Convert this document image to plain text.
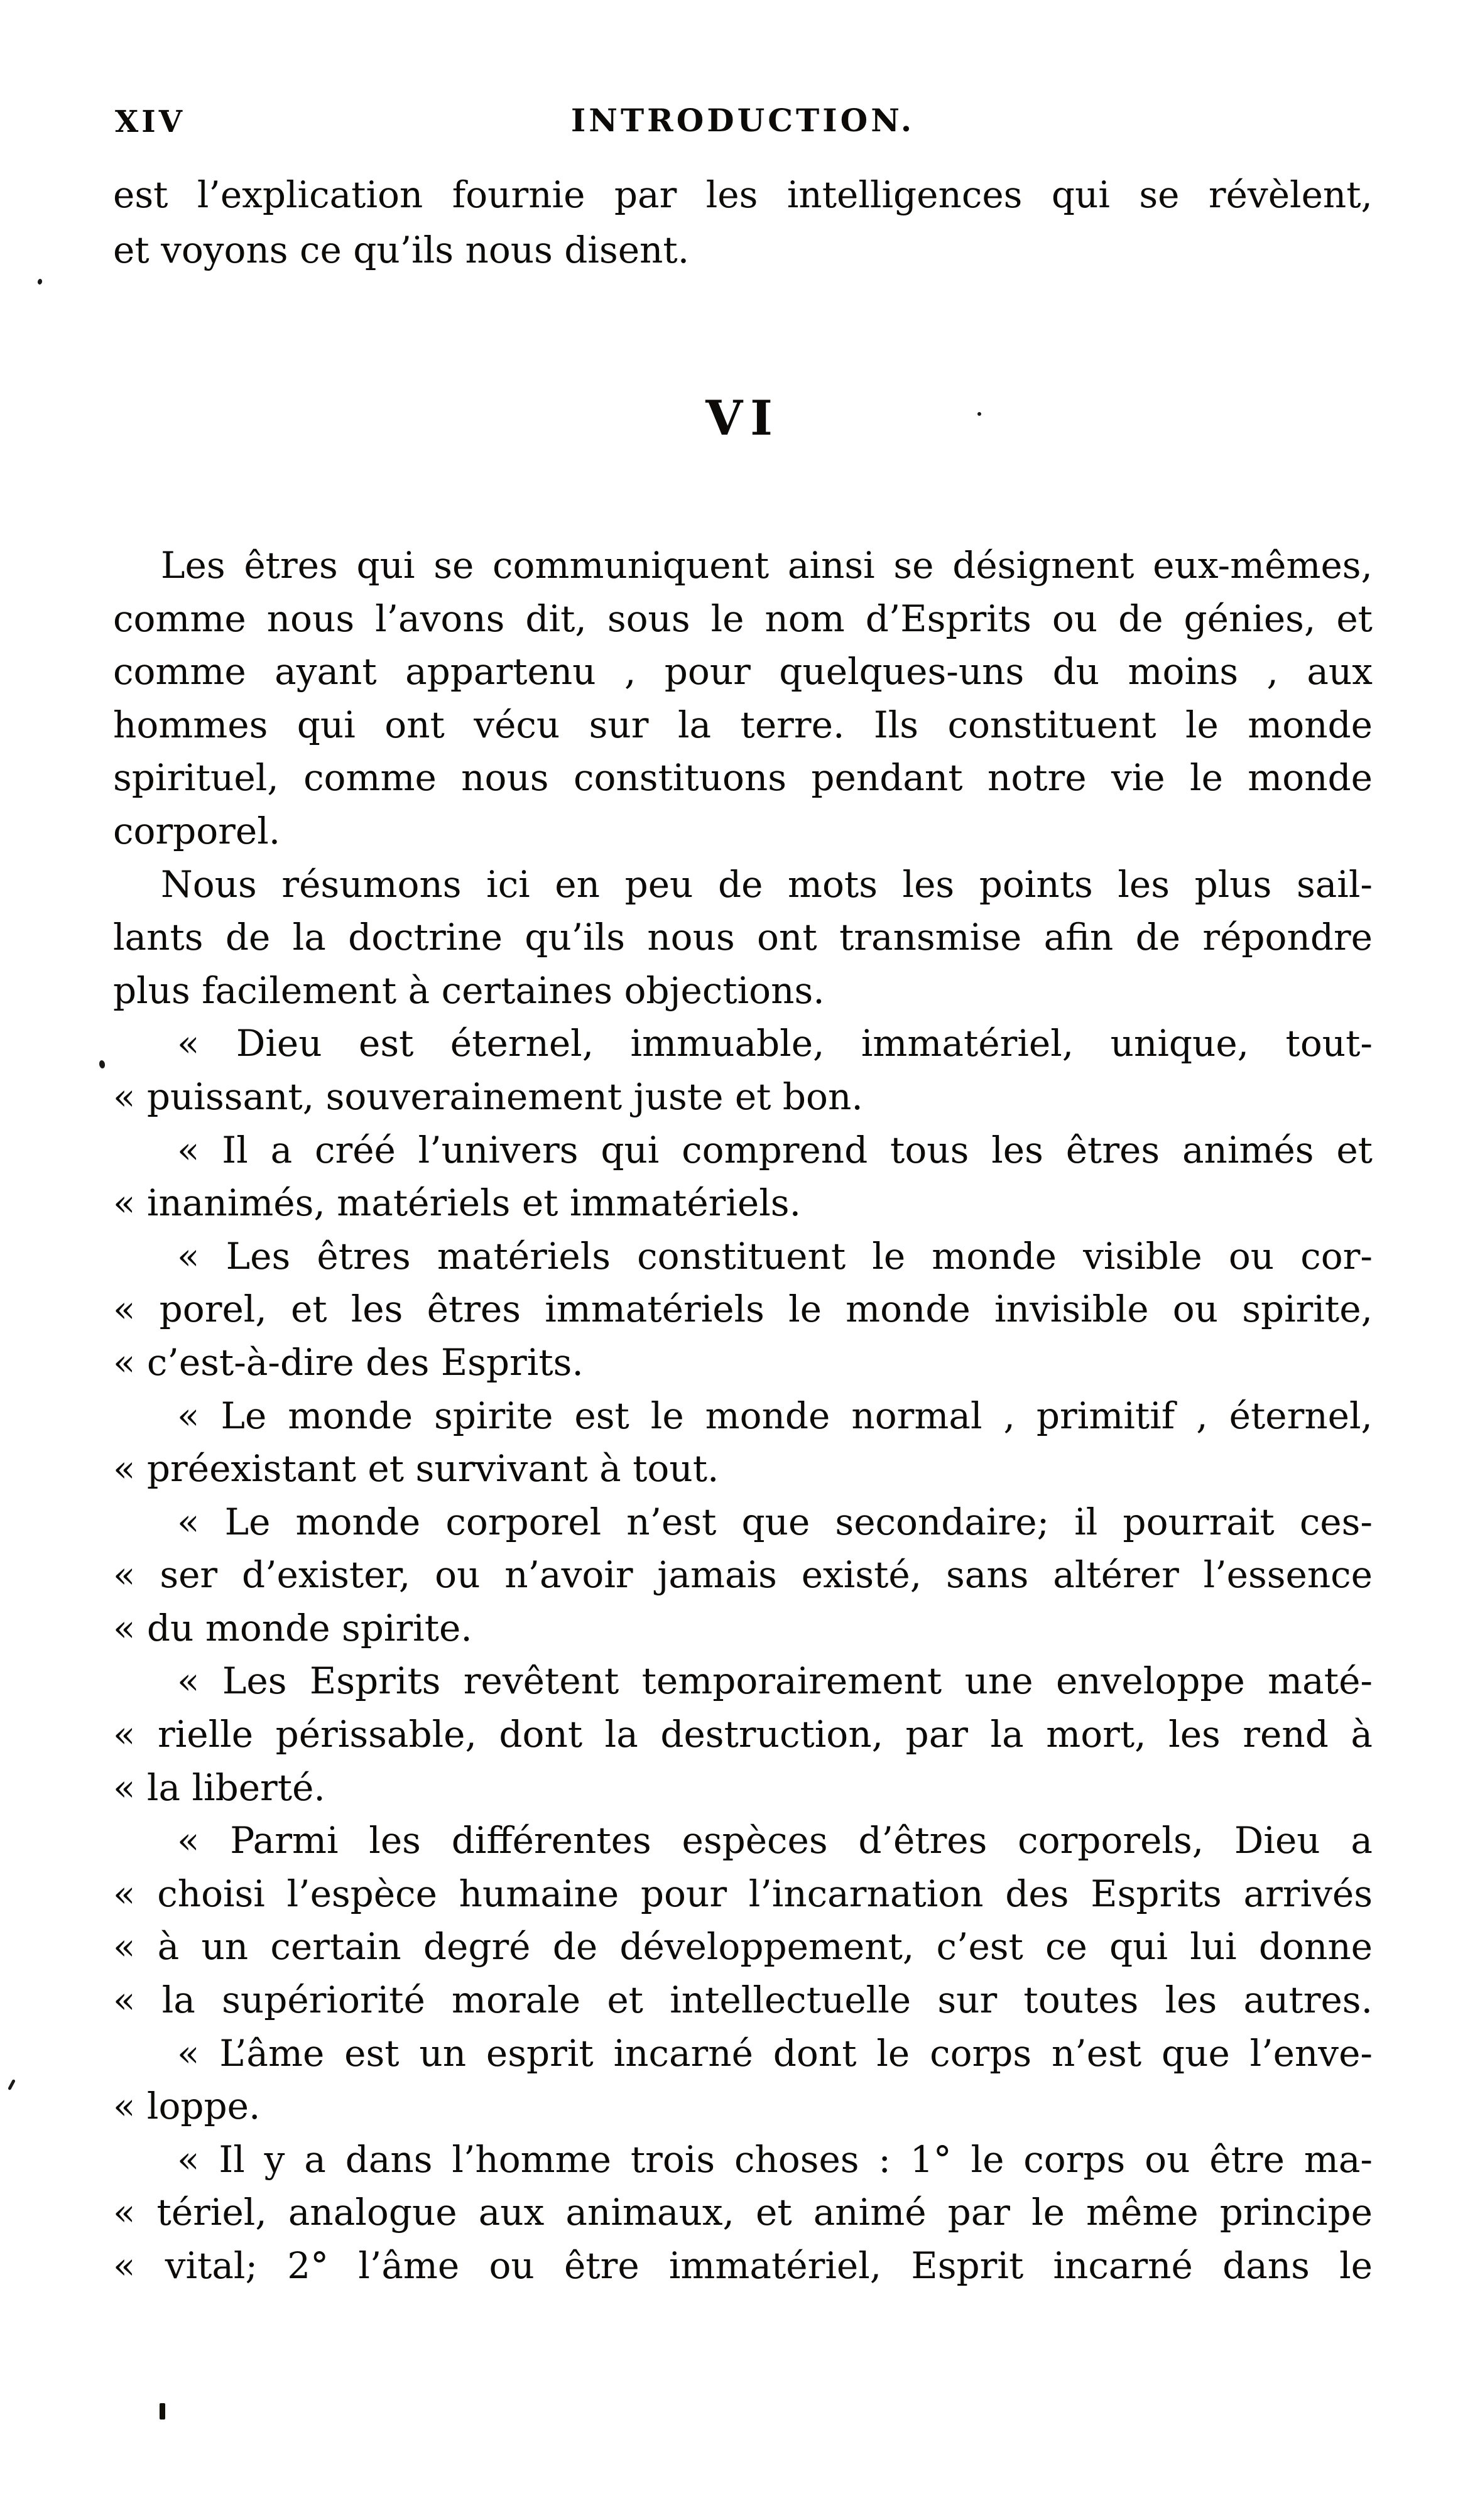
XIV	INTRODUCTION.
est l’explication fournie par les intelligences qui se révèlent,
et voyons ce qu’ils nous disent.
VI
Les êtres qui se communiquent ainsi se désignent eux-mêmes,
comme nous l’avons dit, sous le nom d’Esprits ou de génies, et
comme ayant appartenu , pour quelques-uns du moins , aux
hommes qui ont vécu sur la terre. Ils constituent le monde
spirituel, comme nous constituons pendant notre vie le monde
corporel.
Nous résumons ici en peu de mots les points les plus sail-
lants de la doctrine qu’ils nous ont transmise afin de répondre
plus facilement à certaines objections.
« Dieu est éternel, immuable, immatériel, unique, tout-
« puissant, souverainement juste et bon.
« Il a créé l’univers qui comprend tous les êtres animés et
« inanimés, matériels et immatériels.
« Les êtres matériels constituent le monde visible ou cor-
« porel, et les êtres immatériels le monde invisible ou spirite,
« c’est-à-dire des Esprits.
« Le monde spirite est le monde normal , primitif , éternel,
« préexistant et survivant à tout.
« Le monde corporel n’est que secondaire; il pourrait ces-
« ser d’exister, ou n’avoir jamais existé, sans altérer l’essence
« du monde spirite.
« Les Esprits revêtent temporairement une enveloppe maté-
« rielle périssable, dont la destruction, par la mort, les rend à
« la liberté.
« Parmi les différentes espèces d’êtres corporels, Dieu a
« choisi l’espèce humaine pour l’incarnation des Esprits arrivés
« à un certain degré de développement, c’est ce qui lui donne
« la supériorité morale et intellectuelle sur toutes les autres.
« L’âme est un esprit incarné dont le corps n’est que l’enve-
« loppe.
« Il y a dans l’homme trois choses : 1° le corps ou être ma-
« tériel, analogue aux animaux, et animé par le même principe
« vital; 2° l’âme ou être immatériel, Esprit incarné dans le
